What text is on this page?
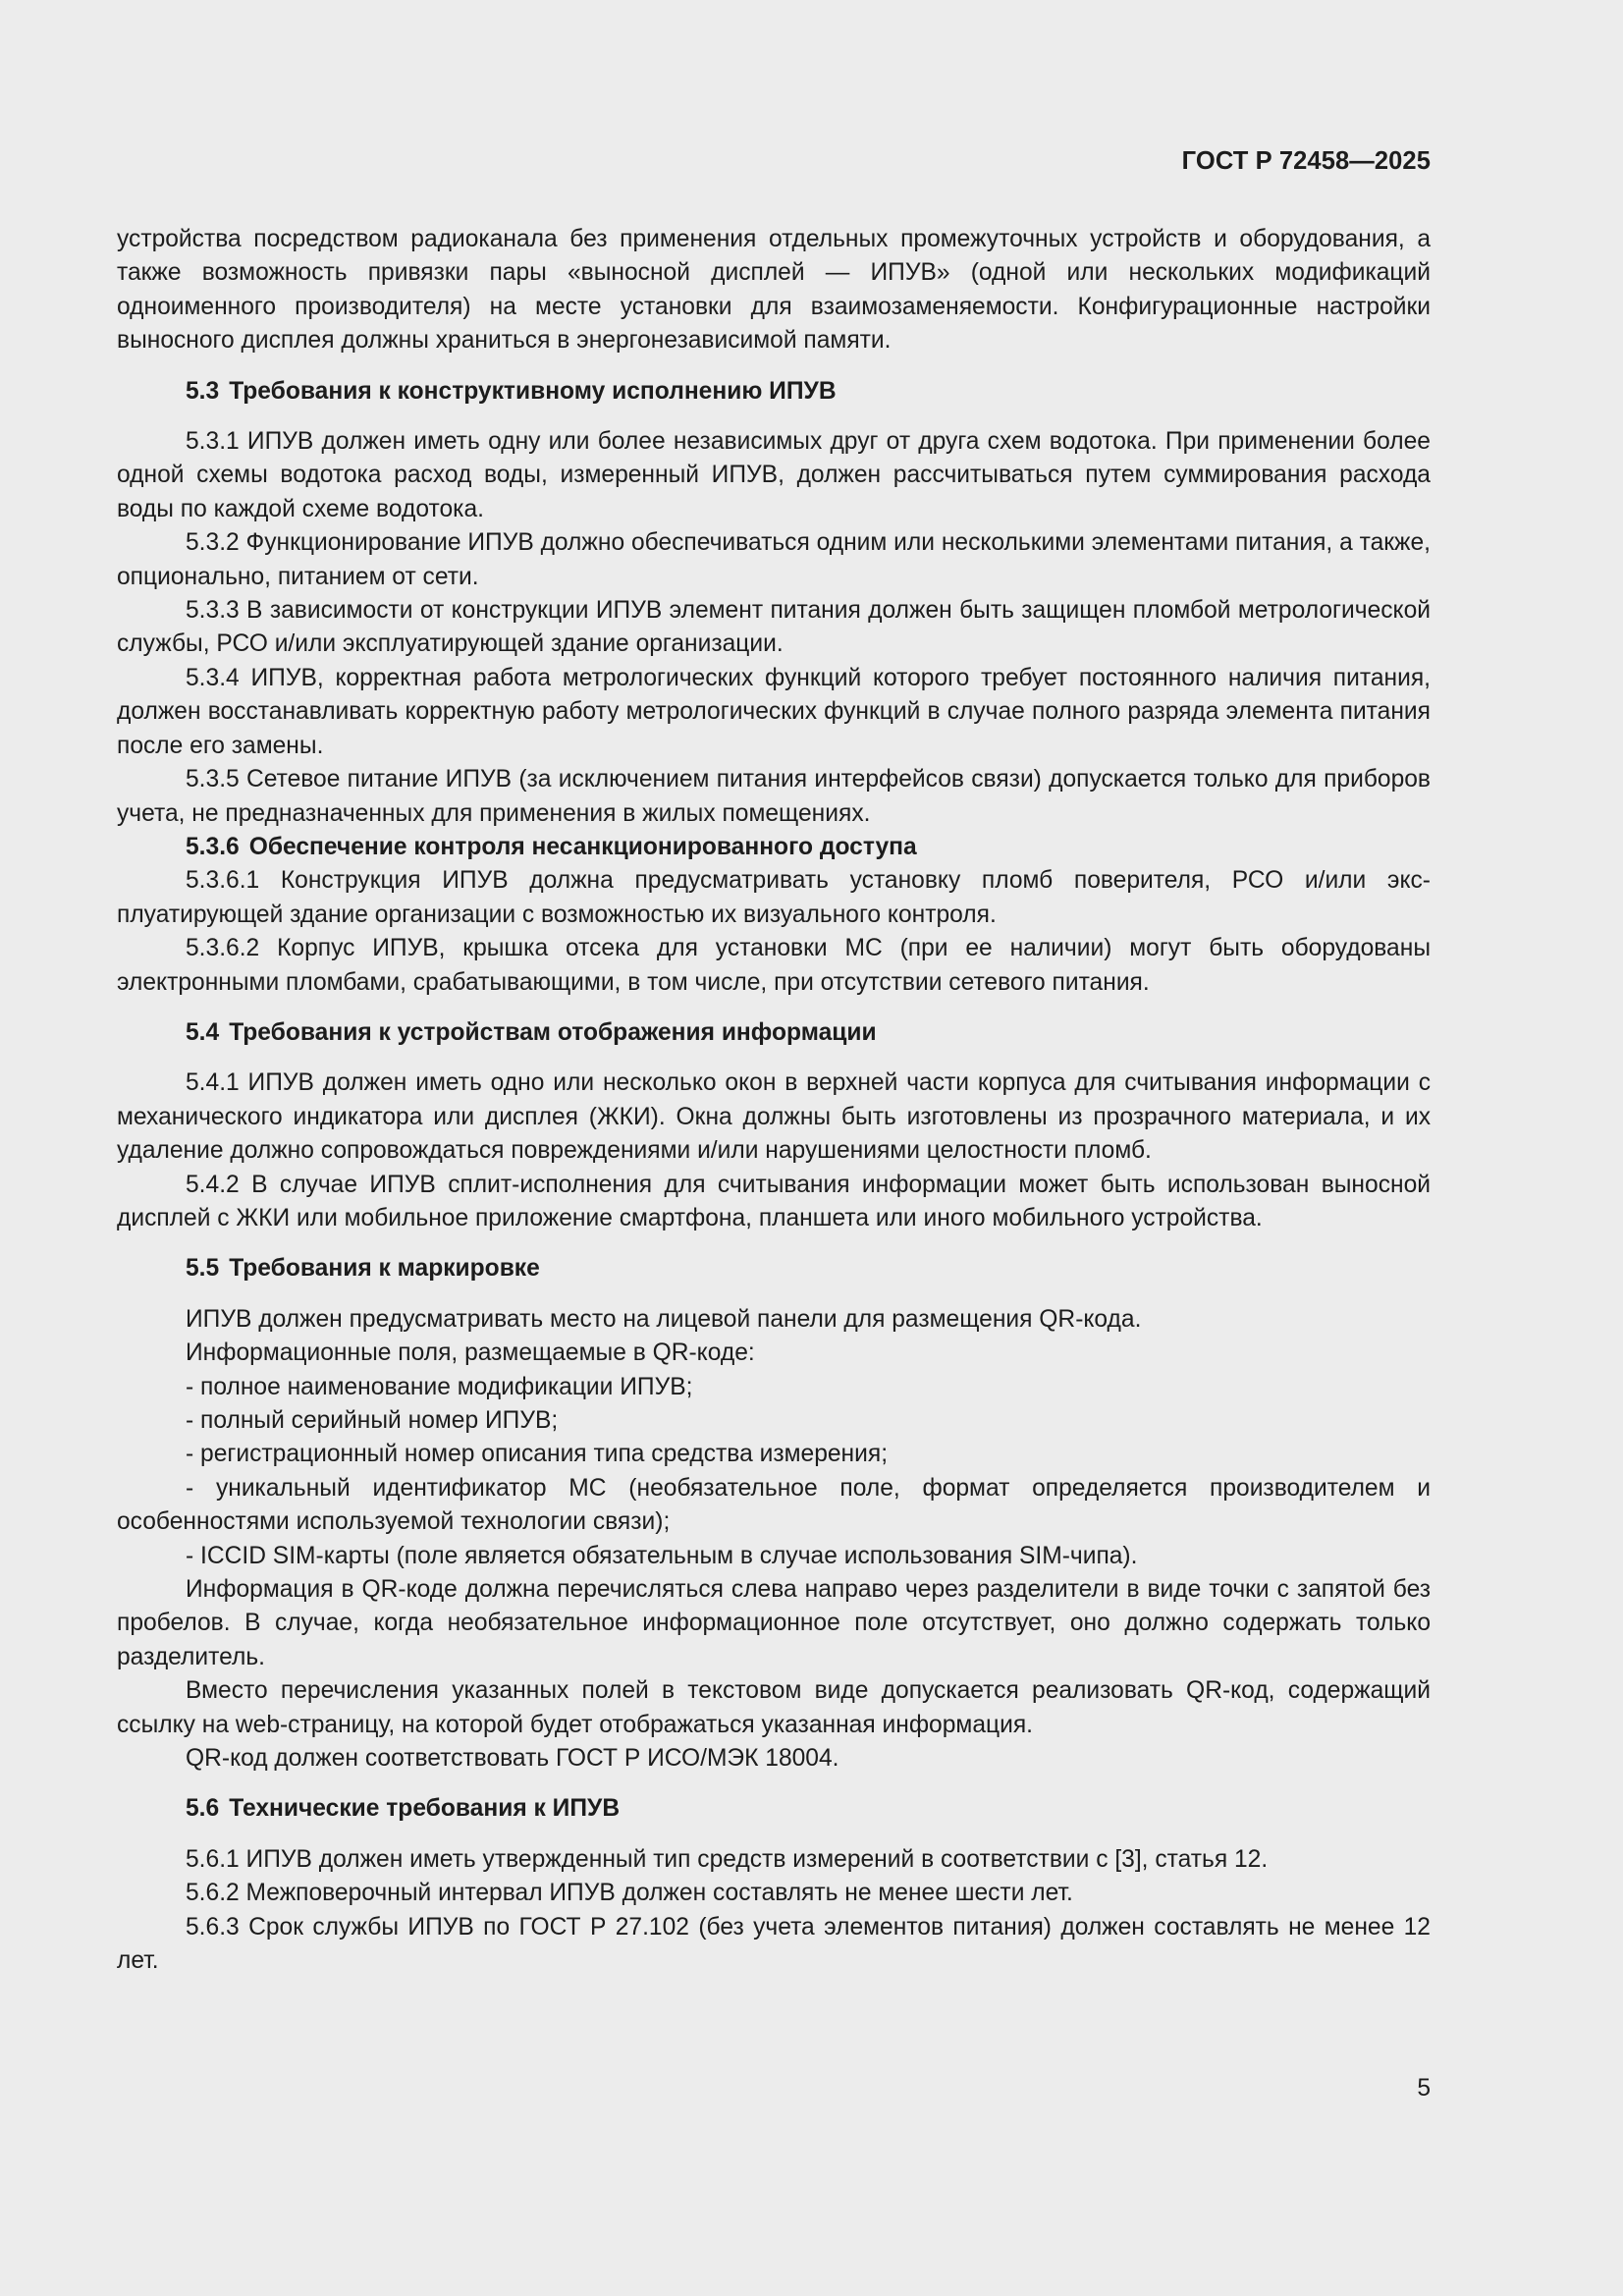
ГОСТ Р 72458—2025

устройства посредством радиоканала без применения отдельных промежуточных устройств и оборудования, а также возможность привязки пары «выносной дисплей — ИПУВ» (одной или нескольких модификаций одноименного производителя) на месте установки для взаимозаменяемости. Конфигурационные настройки выносного дисплея должны храниться в энергонезависимой памяти.

5.3 Требования к конструктивному исполнению ИПУВ

5.3.1 ИПУВ должен иметь одну или более независимых друг от друга схем водотока. При применении более одной схемы водотока расход воды, измеренный ИПУВ, должен рассчитываться путем суммирования расхода воды по каждой схеме водотока.

5.3.2 Функционирование ИПУВ должно обеспечиваться одним или несколькими элементами питания, а также, опционально, питанием от сети.

5.3.3 В зависимости от конструкции ИПУВ элемент питания должен быть защищен пломбой метрологической службы, РСО и/или эксплуатирующей здание организации.

5.3.4 ИПУВ, корректная работа метрологических функций которого требует постоянного наличия питания, должен восстанавливать корректную работу метрологических функций в случае полного разряда элемента питания после его замены.

5.3.5 Сетевое питание ИПУВ (за исключением питания интерфейсов связи) допускается только для приборов учета, не предназначенных для применения в жилых помещениях.

5.3.6 Обеспечение контроля несанкционированного доступа

5.3.6.1 Конструкция ИПУВ должна предусматривать установку пломб поверителя, РСО и/или эксплуатирующей здание организации с возможностью их визуального контроля.

5.3.6.2 Корпус ИПУВ, крышка отсека для установки МС (при ее наличии) могут быть оборудованы электронными пломбами, срабатывающими, в том числе, при отсутствии сетевого питания.

5.4 Требования к устройствам отображения информации

5.4.1 ИПУВ должен иметь одно или несколько окон в верхней части корпуса для считывания информации с механического индикатора или дисплея (ЖКИ). Окна должны быть изготовлены из прозрачного материала, и их удаление должно сопровождаться повреждениями и/или нарушениями целостности пломб.

5.4.2 В случае ИПУВ сплит-исполнения для считывания информации может быть использован выносной дисплей с ЖКИ или мобильное приложение смартфона, планшета или иного мобильного устройства.

5.5 Требования к маркировке

ИПУВ должен предусматривать место на лицевой панели для размещения QR-кода.

Информационные поля, размещаемые в QR-коде:

- полное наименование модификации ИПУВ;

- полный серийный номер ИПУВ;

- регистрационный номер описания типа средства измерения;

- уникальный идентификатор МС (необязательное поле, формат определяется производителем и особенностями используемой технологии связи);

- ICCID SIM-карты (поле является обязательным в случае использования SIM-чипа).

Информация в QR-коде должна перечисляться слева направо через разделители в виде точки с запятой без пробелов. В случае, когда необязательное информационное поле отсутствует, оно должно содержать только разделитель.

Вместо перечисления указанных полей в текстовом виде допускается реализовать QR-код, содержащий ссылку на web-страницу, на которой будет отображаться указанная информация.

QR-код должен соответствовать ГОСТ Р ИСО/МЭК 18004.

5.6 Технические требования к ИПУВ

5.6.1 ИПУВ должен иметь утвержденный тип средств измерений в соответствии с [3], статья 12.

5.6.2 Межповерочный интервал ИПУВ должен составлять не менее шести лет.

5.6.3 Срок службы ИПУВ по ГОСТ Р 27.102 (без учета элементов питания) должен составлять не менее 12 лет.

5
